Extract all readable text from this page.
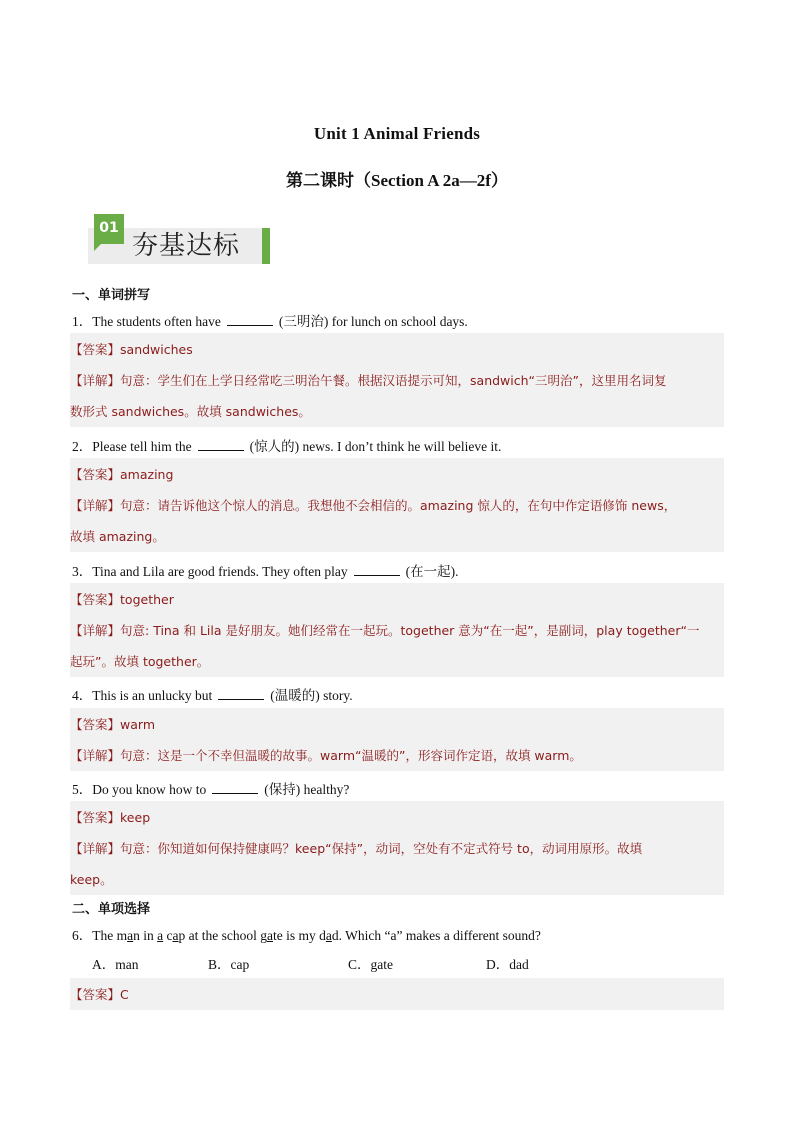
Unit 1 Animal Friends
第二课时（Section A 2a—2f）
01
夯基达标
一、单词拼写
1．The students often have	(三明治) for lunch on school days.
【答案】sandwiches
【详解】句意：学生们在上学日经常吃三明治午餐。根据汉语提示可知，sandwich“三明治”，这里用名词复
数形式 sandwiches。故填 sandwiches。
2．Please tell him the	(惊人的) news. I don’t think he will believe it.
【答案】amazing
【详解】句意：请告诉他这个惊人的消息。我想他不会相信的。amazing 惊人的，在句中作定语修饰 news，
故填 amazing。
3．Tina and Lila are good friends. They often play	(在一起).
【答案】together
【详解】句意: Tina 和 Lila 是好朋友。她们经常在一起玩。together 意为“在一起”，是副词，play together“一
起玩”。故填 together。
4．This is an unlucky but	(温暖的) story.
【答案】warm
【详解】句意：这是一个不幸但温暖的故事。warm“温暖的”，形容词作定语，故填 warm。
5．Do you know how to	(保持) healthy?
【答案】keep
【详解】句意：你知道如何保持健康吗？keep“保持”，动词，空处有不定式符号 to，动词用原形。故填
keep。
二、单项选择
6．The man in a cap at the school gate is my dad. Which “a” makes a different sound?
A．man	B．cap	C．gate	D．dad
【答案】C
